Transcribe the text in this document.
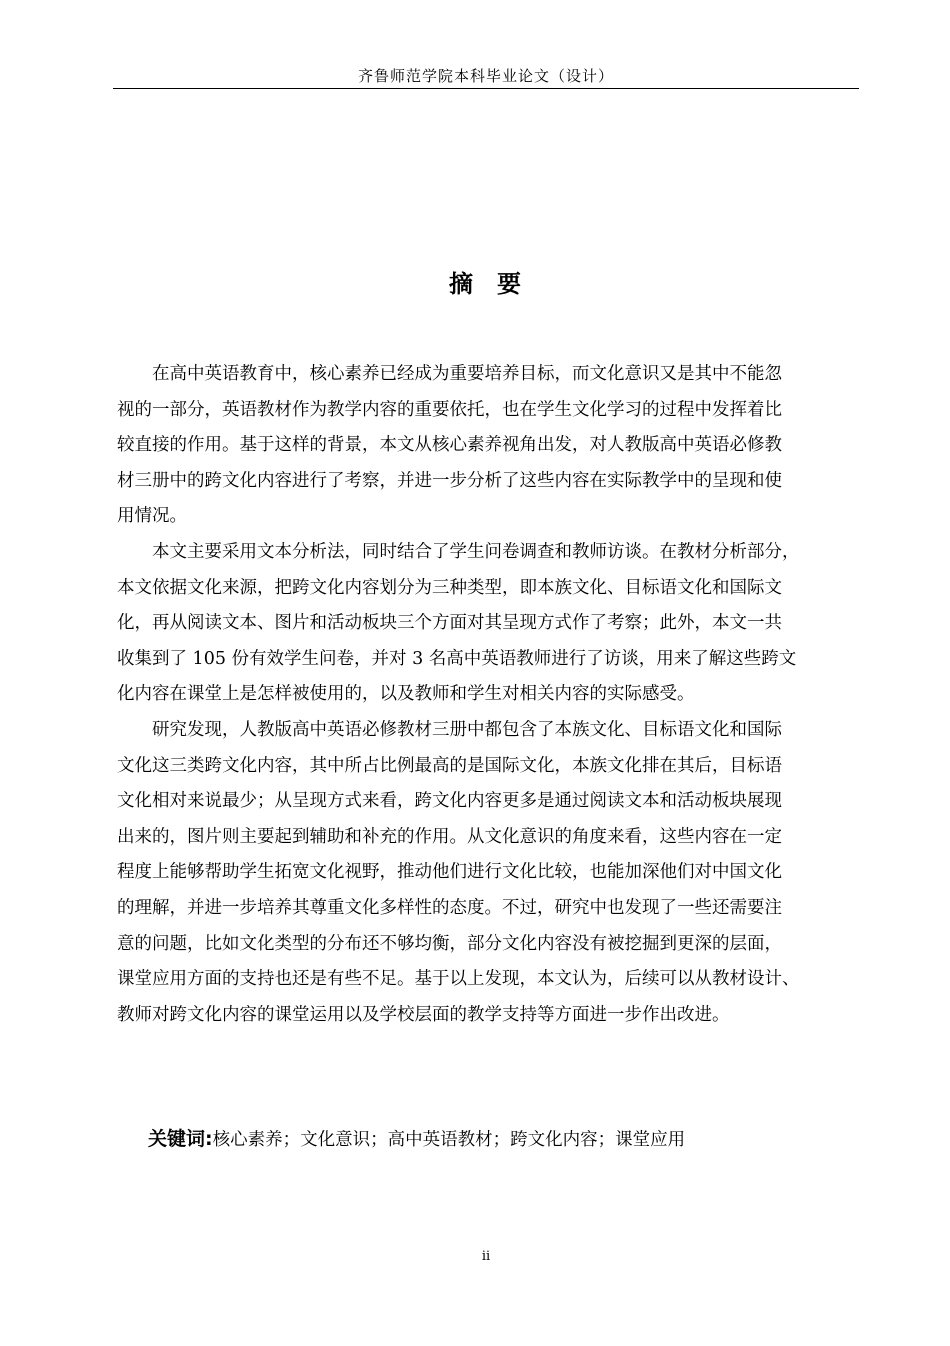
齐鲁师范学院本科毕业论文（设计）
摘 要

在高中英语教育中，核心素养已经成为重要培养目标，而文化意识又是其中不能忽
视的一部分，英语教材作为教学内容的重要依托，也在学生文化学习的过程中发挥着比
较直接的作用。基于这样的背景，本文从核心素养视角出发，对人教版高中英语必修教
材三册中的跨文化内容进行了考察，并进一步分析了这些内容在实际教学中的呈现和使
用情况。

本文主要采用文本分析法，同时结合了学生问卷调查和教师访谈。在教材分析部分，
本文依据文化来源，把跨文化内容划分为三种类型，即本族文化、目标语文化和国际文
化，再从阅读文本、图片和活动板块三个方面对其呈现方式作了考察；此外，本文一共
收集到了 105 份有效学生问卷，并对 3 名高中英语教师进行了访谈，用来了解这些跨文
化内容在课堂上是怎样被使用的，以及教师和学生对相关内容的实际感受。

研究发现，人教版高中英语必修教材三册中都包含了本族文化、目标语文化和国际
文化这三类跨文化内容，其中所占比例最高的是国际文化，本族文化排在其后，目标语
文化相对来说最少；从呈现方式来看，跨文化内容更多是通过阅读文本和活动板块展现
出来的，图片则主要起到辅助和补充的作用。从文化意识的角度来看，这些内容在一定
程度上能够帮助学生拓宽文化视野，推动他们进行文化比较，也能加深他们对中国文化
的理解，并进一步培养其尊重文化多样性的态度。不过，研究中也发现了一些还需要注
意的问题，比如文化类型的分布还不够均衡，部分文化内容没有被挖掘到更深的层面，
课堂应用方面的支持也还是有些不足。基于以上发现，本文认为，后续可以从教材设计、
教师对跨文化内容的课堂运用以及学校层面的教学支持等方面进一步作出改进。

关键词:核心素养；文化意识；高中英语教材；跨文化内容；课堂应用
ii
